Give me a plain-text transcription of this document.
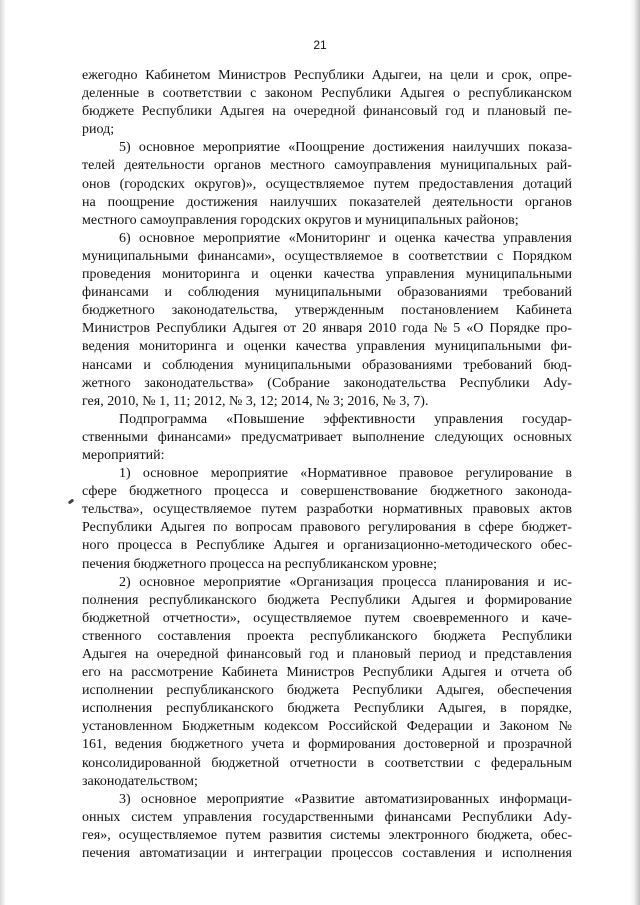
21
ежегодно Кабинетом Министров Республики Адыгеи, на цели и срок, опре-
деленные в соответствии с законом Республики Адыгея о республиканском
бюджете Республики Адыгея на очередной финансовый год и плановый пе-
риод;
5) основное мероприятие «Поощрение достижения наилучших показа-
телей деятельности органов местного самоуправления муниципальных рай-
онов (городских округов)», осуществляемое путем предоставления дотаций
на поощрение достижения наилучших показателей деятельности органов
местного самоуправления городских округов и муниципальных районов;
6) основное мероприятие «Мониторинг и оценка качества управления
муниципальными финансами», осуществляемое в соответствии с Порядком
проведения мониторинга и оценки качества управления муниципальными
финансами и соблюдения муниципальными образованиями требований
бюджетного законодательства, утвержденным постановлением Кабинета
Министров Республики Адыгея от 20 января 2010 года № 5 «О Порядке про-
ведения мониторинга и оценки качества управления муниципальными фи-
нансами и соблюдения муниципальными образованиями требований бюд-
жетного законодательства» (Собрание законодательства Республики Ady-
гея, 2010, № 1, 11; 2012, № 3, 12; 2014, № 3; 2016, № 3, 7).
Подпрограмма «Повышение эффективности управления государ-
ственными финансами» предусматривает выполнение следующих основных
мероприятий:
1) основное мероприятие «Нормативное правовое регулирование в
сфере бюджетного процесса и совершенствование бюджетного законода-
тельства», осуществляемое путем разработки нормативных правовых актов
Республики Адыгея по вопросам правового регулирования в сфере бюджет-
ного процесса в Республике Адыгея и организационно-методического обес-
печения бюджетного процесса на республиканском уровне;
2) основное мероприятие «Организация процесса планирования и ис-
полнения республиканского бюджета Республики Адыгея и формирование
бюджетной отчетности», осуществляемое путем своевременного и каче-
ственного составления проекта республиканского бюджета Республики
Адыгея на очередной финансовый год и плановый период и представления
его на рассмотрение Кабинета Министров Республики Адыгея и отчета об
исполнении республиканского бюджета Республики Адыгея, обеспечения
исполнения республиканского бюджета Республики Адыгея, в порядке,
установленном Бюджетным кодексом Российской Федерации и Законом №
161, ведения бюджетного учета и формирования достоверной и прозрачной
консолидированной бюджетной отчетности в соответствии с федеральным
законодательством;
3) основное мероприятие «Развитие автоматизированных информаци-
онных систем управления государственными финансами Республики Ady-
гея», осуществляемое путем развития системы электронного бюджета, обес-
печения автоматизации и интеграции процессов составления и исполнения
